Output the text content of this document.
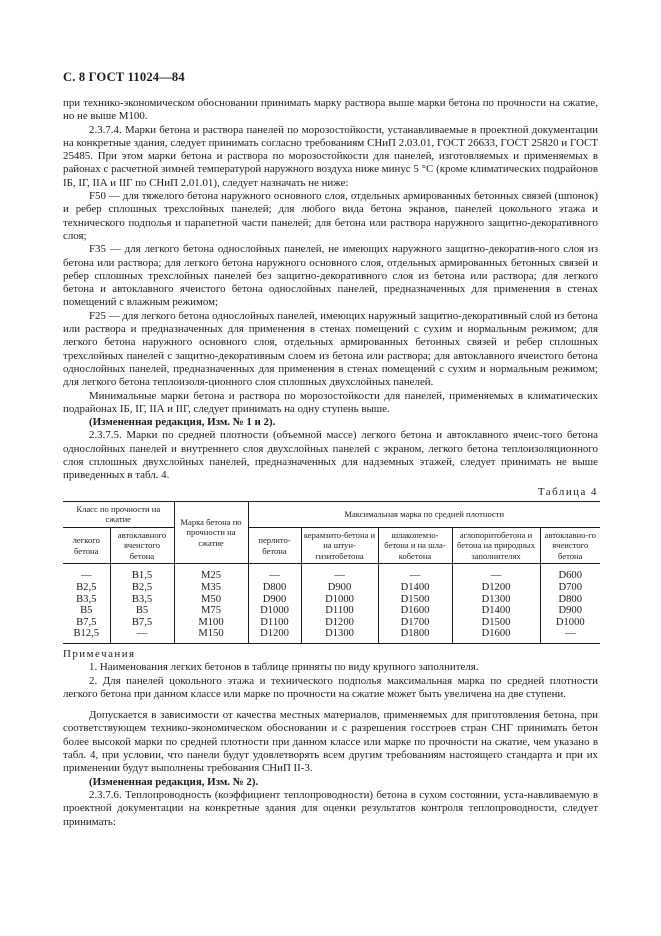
С. 8 ГОСТ 11024—84

при технико-экономическом обосновании принимать марку раствора выше марки бетона по прочности на сжатие, но не выше М100.

2.3.7.4. Марки бетона и раствора панелей по морозостойкости, устанавливаемые в проектной документации на конкретные здания, следует принимать согласно требованиям СНиП 2.03.01, ГОСТ 26633, ГОСТ 25820 и ГОСТ 25485. При этом марки бетона и раствора по морозостойкости для панелей, изготовляемых и применяемых в районах с расчетной зимней температурой наружного воздуха ниже минус 5 °С (кроме климатических подрайонов IБ, IГ, IIА и IIГ по СНиП 2.01.01), следует назначать не ниже:

F50 — для тяжелого бетона наружного основного слоя, отдельных армированных бетонных связей (шпонок) и ребер сплошных трехслойных панелей; для любого вида бетона экранов, панелей цокольного этажа и технического подполья и парапетной части панелей; для бетона или раствора наружного защитно-декоративного слоя;

F35 — для легкого бетона однослойных панелей, не имеющих наружного защитно-декоратив-ного слоя из бетона или раствора; для легкого бетона наружного основного слоя, отдельных армированных бетонных связей и ребер сплошных трехслойных панелей без защитно-декоративного слоя из бетона или раствора; для легкого бетона и автоклавного ячеистого бетона однослойных панелей, предназначенных для применения в стенах помещений с влажным режимом;

F25 — для легкого бетона однослойных панелей, имеющих наружный защитно-декоративный слой из бетона или раствора и предназначенных для применения в стенах помещений с сухим и нормальным режимом; для легкого бетона наружного основного слоя, отдельных армированных бетонных связей и ребер сплошных трехслойных панелей с защитно-декоративным слоем из бетона или раствора; для автоклавного ячеистого бетона однослойных панелей, предназначенных для применения в стенах помещений с сухим и нормальным режимом; для легкого бетона теплоизоля-ционного слоя сплошных двухслойных панелей.

Минимальные марки бетона и раствора по морозостойкости для панелей, применяемых в климатических подрайонах IБ, IГ, IIА и IIГ, следует принимать на одну ступень выше.

(Измененная редакция, Изм. № 1 и 2).

2.3.7.5. Марки по средней плотности (объемной массе) легкого бетона и автоклавного ячеис-того бетона однослойных панелей и внутреннего слоя двухслойных панелей с экраном, легкого бетона теплоизоляционного слоя сплошных двухслойных панелей, предназначенных для надземных этажей, следует принимать не выше приведенных в табл. 4.

Таблица 4

Класс по прочности на сжатие		Марка бетона по прочности на сжатие	Максимальная марка по средней плотности				
легкого бетона	автоклавного ячеистого бетона		перлито-бетона	керамзито-бетона и на штун-гизитобетона	шлакопемзо-бетона и на шла-кобетона	аглопоритобетона и бетона на природных заполнителях	автоклавно-го ячеистого бетона
—	B1,5	M25	—	—	—	—	D600
B2,5	B2,5	M35	D800	D900	D1400	D1200	D700
B3,5	B3,5	M50	D900	D1000	D1500	D1300	D800
B5	B5	M75	D1000	D1100	D1600	D1400	D900
B7,5	B7,5	M100	D1100	D1200	D1700	D1500	D1000
B12,5	—	M150	D1200	D1300	D1800	D1600	—

Примечания

1. Наименования легких бетонов в таблице приняты по виду крупного заполнителя.

2. Для панелей цокольного этажа и технического подполья максимальная марка по средней плотности легкого бетона при данном классе или марке по прочности на сжатие может быть увеличена на две ступени.

Допускается в зависимости от качества местных материалов, применяемых для приготовления бетона, при соответствующем технико-экономическом обосновании и с разрешения госстроев стран СНГ принимать бетон более высокой марки по средней плотности при данном классе или марке по прочности на сжатие, чем указано в табл. 4, при условии, что панели будут удовлетворять всем другим требованиям настоящего стандарта и при их применении будут выполнены требования СНиП II-3.

(Измененная редакция, Изм. № 2).

2.3.7.6. Теплопроводность (коэффициент теплопроводности) бетона в сухом состоянии, уста-навливаемую в проектной документации на конкретные здания для оценки результатов контроля теплопроводности, следует принимать:
